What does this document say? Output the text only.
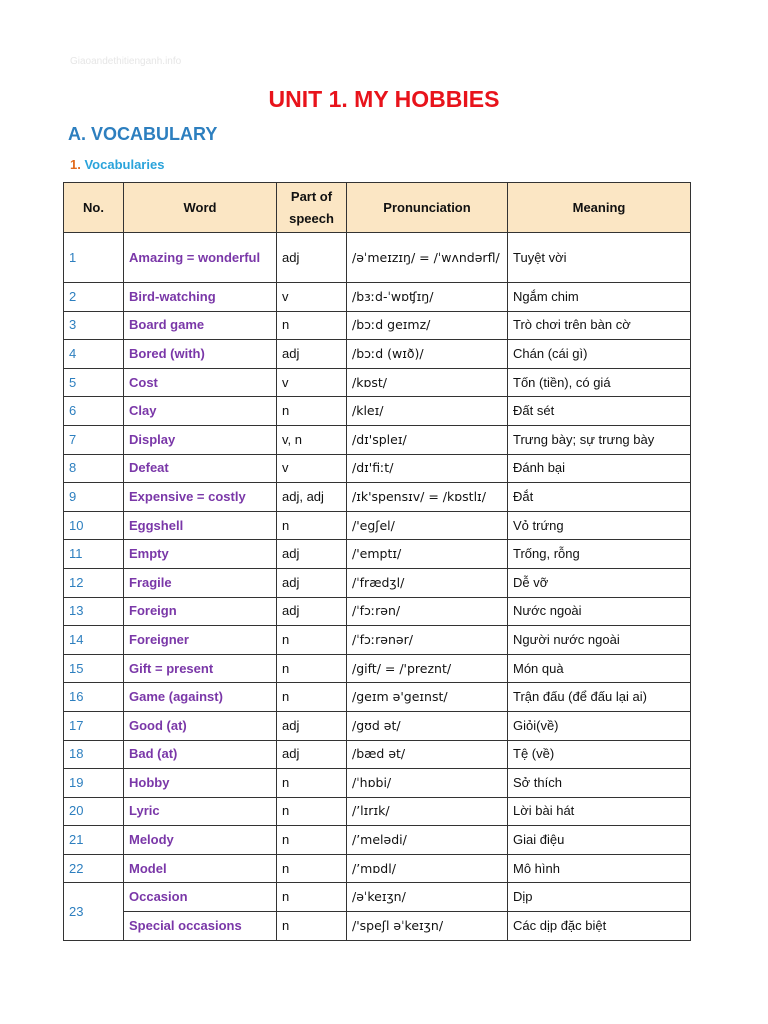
Giaoandethitienganh.info
UNIT 1. MY HOBBIES
A. VOCABULARY
1. Vocabularies
No.	Word	Part of speech	Pronunciation	Meaning
1	Amazing = wonderful	adj	/əˈmeɪzɪŋ/ = /ˈwʌndərfl/	Tuyệt vời
2	Bird-watching	v	/bɜːd-ˈwɒʧɪŋ/	Ngắm chim
3	Board game	n	/bɔːd geɪmz/	Trò chơi trên bàn cờ
4	Bored (with)	adj	/bɔːd (wɪð)/	Chán (cái gì)
5	Cost	v	/kɒst/	Tốn (tiền), có giá
6	Clay	n	/kleɪ/	Đất sét
7	Display	v, n	/dɪ'spleɪ/	Trưng bày; sự trưng bày
8	Defeat	v	/dɪ'fiːt/	Đánh bại
9	Expensive = costly	adj, adj	/ɪk'spensɪv/ = /kɒstlɪ/	Đắt
10	Eggshell	n	/'egʃel/	Vỏ trứng
11	Empty	adj	/'emptɪ/	Trống, rỗng
12	Fragile	adj	/ˈfrædʒl/	Dễ vỡ
13	Foreign	adj	/ˈfɔːrən/	Nước ngoài
14	Foreigner	n	/ˈfɔːrənər/	Người nước ngoài
15	Gift = present	n	/gift/ = /'preznt/	Món quà
16	Game (against)	n	/geɪm ə'geɪnst/	Trận đấu (để đấu lại ai)
17	Good (at)	adj	/gʊd ət/	Giỏi(về)
18	Bad (at)	adj	/bæd ət/	Tệ (về)
19	Hobby	n	/ˈhɒbi/	Sở thích
20	Lyric	n	/’lɪrɪk/	Lời bài hát
21	Melody	n	/’melədi/	Giai điệu
22	Model	n	/’mɒdl/	Mô hình
23	Occasion	n	/əˈkeɪʒn/	Dịp
	Special occasions	n	/'speʃl əˈkeɪʒn/	Các dịp đặc biệt
